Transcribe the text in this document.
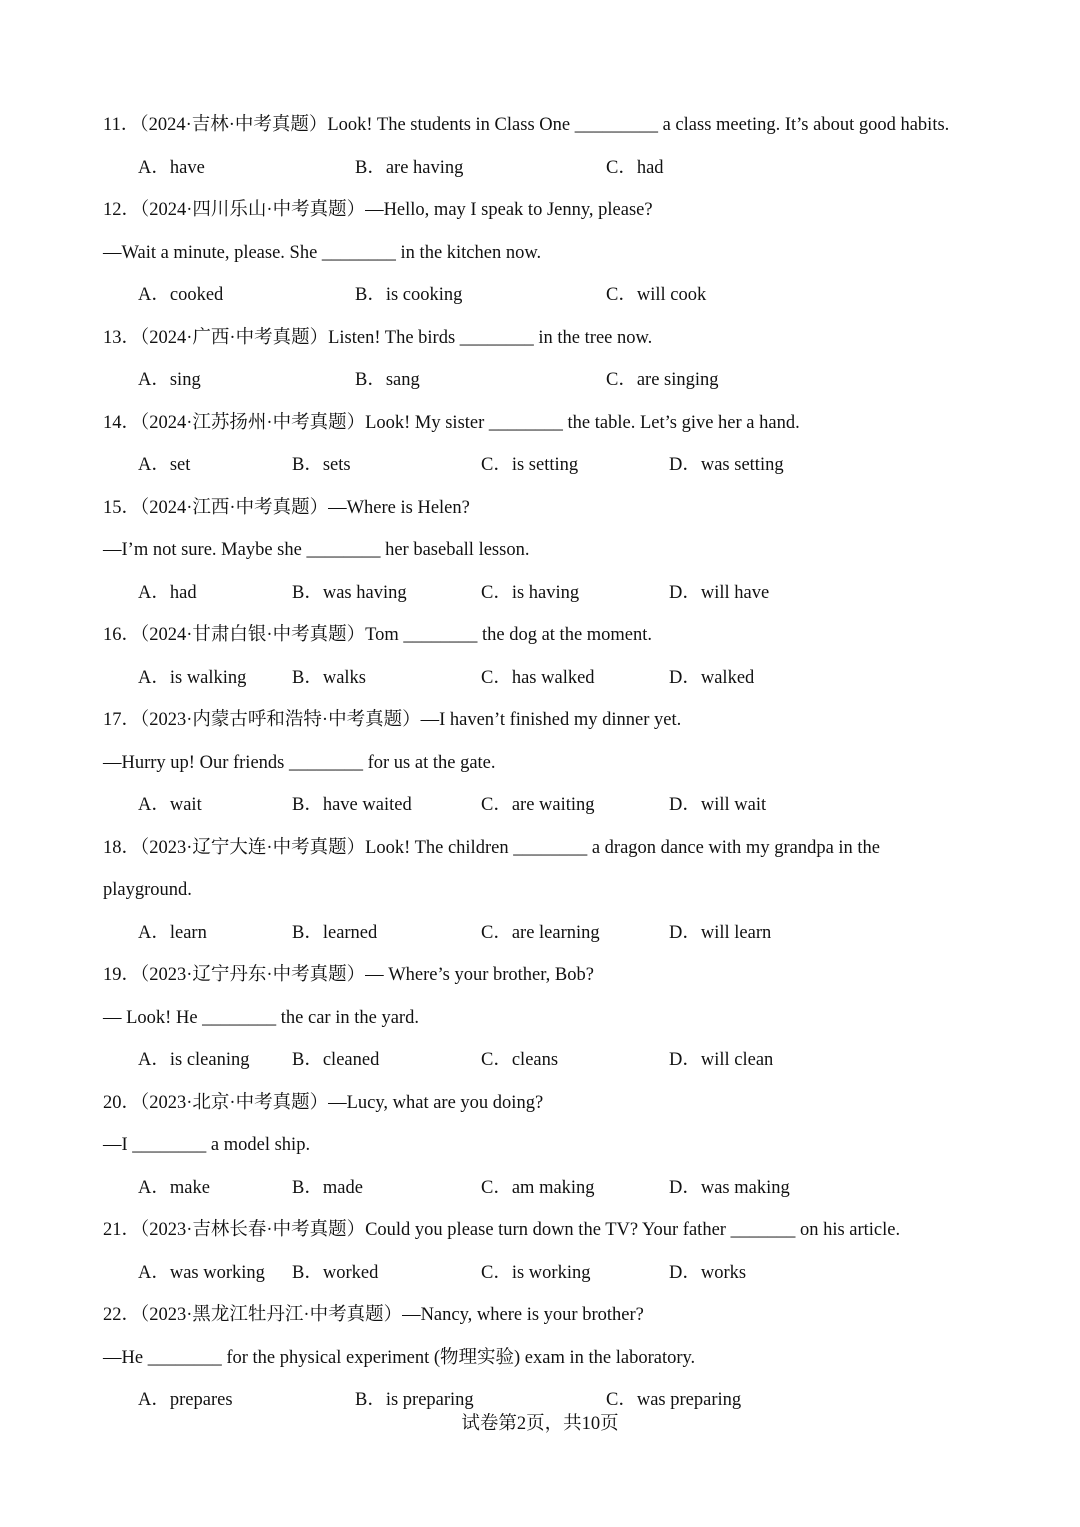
11．（2024·吉林·中考真题）Look! The students in Class One _________ a class meeting. It’s about good habits.
A．have	B．are having	C．had
12．（2024·四川乐山·中考真题）—Hello, may I speak to Jenny, please?
—Wait a minute, please. She ________ in the kitchen now.
A．cooked	B．is cooking	C．will cook
13．（2024·广西·中考真题）Listen! The birds ________ in the tree now.
A．sing	B．sang	C．are singing
14．（2024·江苏扬州·中考真题）Look! My sister ________ the table. Let’s give her a hand.
A．set	B．sets	C．is setting	D．was setting
15．（2024·江西·中考真题）—Where is Helen?
—I’m not sure. Maybe she ________ her baseball lesson.
A．had	B．was having	C．is having	D．will have
16．（2024·甘肃白银·中考真题）Tom ________ the dog at the moment.
A．is walking B．walks	C．has walked	D．walked
17．（2023·内蒙古呼和浩特·中考真题）—I haven’t finished my dinner yet.
—Hurry up! Our friends ________ for us at the gate.
A．wait	B．have waited	C．are waiting	D．will wait
18．（2023·辽宁大连·中考真题）Look! The children ________ a dragon dance with my grandpa in the
playground.
A．learn	B．learned	C．are learning	D．will learn
19．（2023·辽宁丹东·中考真题）— Where’s your brother, Bob?
— Look! He ________ the car in the yard.
A．is cleaning B．cleaned	C．cleans	D．will clean
20．（2023·北京·中考真题）—Lucy, what are you doing?
—I ________ a model ship.
A．make	B．made	C．am making	D．was making
21．（2023·吉林长春·中考真题）Could you please turn down the TV? Your father _______ on his article.
A．was working B．worked	C．is working	D．works
22．（2023·黑龙江牡丹江·中考真题）—Nancy, where is your brother?
—He ________ for the physical experiment (物理实验) exam in the laboratory.
A．prepares	B．is preparing	C．was preparing
试卷第2页，共10页
